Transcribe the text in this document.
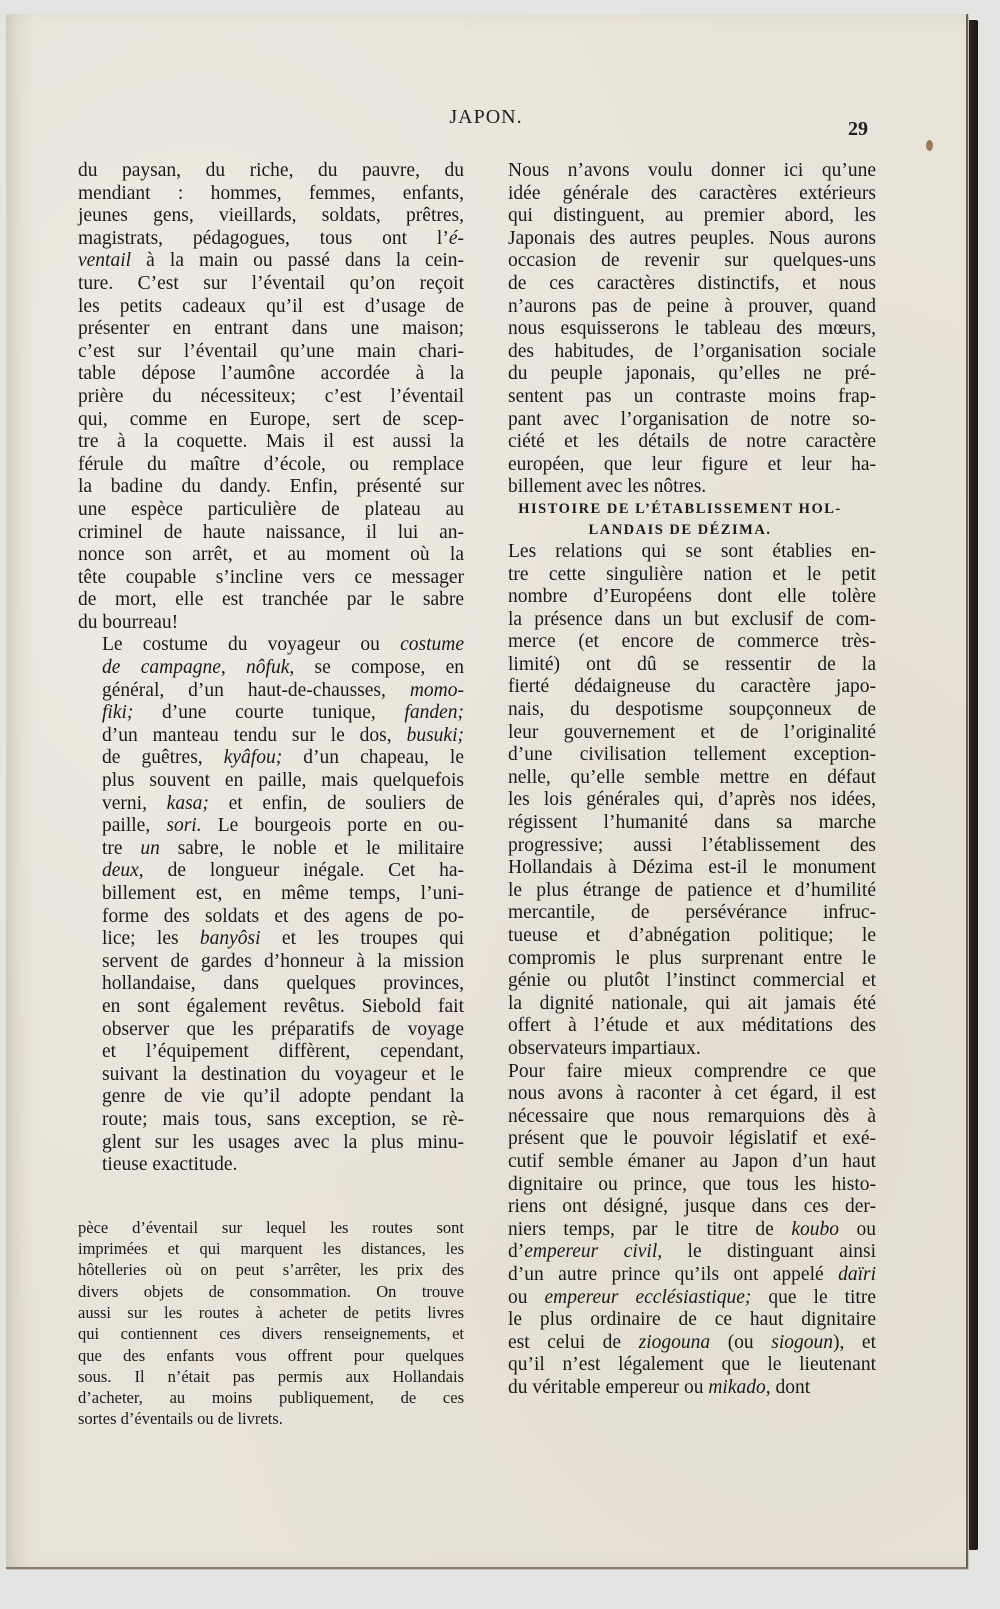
JAPON.
29

du paysan, du riche, du pauvre, du
mendiant : hommes, femmes, enfants,
jeunes gens, vieillards, soldats, prêtres,
magistrats, pédagogues, tous ont l’é-
ventail à la main ou passé dans la cein-
ture. C’est sur l’éventail qu’on reçoit
les petits cadeaux qu’il est d’usage de
présenter en entrant dans une maison;
c’est sur l’éventail qu’une main chari-
table dépose l’aumône accordée à la
prière du nécessiteux; c’est l’éventail
qui, comme en Europe, sert de scep-
tre à la coquette. Mais il est aussi la
férule du maître d’école, ou remplace
la badine du dandy. Enfin, présenté sur
une espèce particulière de plateau au
criminel de haute naissance, il lui an-
nonce son arrêt, et au moment où la
tête coupable s’incline vers ce messager
de mort, elle est tranchée par le sabre
du bourreau!

Le costume du voyageur ou costume
de campagne, nôfuk, se compose, en
général, d’un haut-de-chausses, momo-
fiki; d’une courte tunique, fanden;
d’un manteau tendu sur le dos, busuki;
de guêtres, kyâfou; d’un chapeau, le
plus souvent en paille, mais quelquefois
verni, kasa; et enfin, de souliers de
paille, sori. Le bourgeois porte en ou-
tre un sabre, le noble et le militaire
deux, de longueur inégale. Cet ha-
billement est, en même temps, l’uni-
forme des soldats et des agens de po-
lice; les banyôsi et les troupes qui
servent de gardes d’honneur à la mission
hollandaise, dans quelques provinces,
en sont également revêtus. Siebold fait
observer que les préparatifs de voyage
et l’équipement diffèrent, cependant,
suivant la destination du voyageur et le
genre de vie qu’il adopte pendant la
route; mais tous, sans exception, se rè-
glent sur les usages avec la plus minu-
tieuse exactitude.

pèce d’éventail sur lequel les routes sont
imprimées et qui marquent les distances, les
hôtelleries où on peut s’arrêter, les prix des
divers objets de consommation. On trouve
aussi sur les routes à acheter de petits livres
qui contiennent ces divers renseignements, et
que des enfants vous offrent pour quelques
sous. Il n’était pas permis aux Hollandais
d’acheter, au moins publiquement, de ces
sortes d’éventails ou de livrets.

Nous n’avons voulu donner ici qu’une
idée générale des caractères extérieurs
qui distinguent, au premier abord, les
Japonais des autres peuples. Nous aurons
occasion de revenir sur quelques-uns
de ces caractères distinctifs, et nous
n’aurons pas de peine à prouver, quand
nous esquisserons le tableau des mœurs,
des habitudes, de l’organisation sociale
du peuple japonais, qu’elles ne pré-
sentent pas un contraste moins frap-
pant avec l’organisation de notre so-
ciété et les détails de notre caractère
européen, que leur figure et leur ha-
billement avec les nôtres.

HISTOIRE DE L’ÉTABLISSEMENT HOL-
LANDAIS DE DÉZIMA.

Les relations qui se sont établies en-
tre cette singulière nation et le petit
nombre d’Européens dont elle tolère
la présence dans un but exclusif de com-
merce (et encore de commerce très-
limité) ont dû se ressentir de la
fierté dédaigneuse du caractère japo-
nais, du despotisme soupçonneux de
leur gouvernement et de l’originalité
d’une civilisation tellement exception-
nelle, qu’elle semble mettre en défaut
les lois générales qui, d’après nos idées,
régissent l’humanité dans sa marche
progressive; aussi l’établissement des
Hollandais à Dézima est-il le monument
le plus étrange de patience et d’humilité
mercantile, de persévérance infruc-
tueuse et d’abnégation politique; le
compromis le plus surprenant entre le
génie ou plutôt l’instinct commercial et
la dignité nationale, qui ait jamais été
offert à l’étude et aux méditations des
observateurs impartiaux.

Pour faire mieux comprendre ce que
nous avons à raconter à cet égard, il est
nécessaire que nous remarquions dès à
présent que le pouvoir législatif et exé-
cutif semble émaner au Japon d’un haut
dignitaire ou prince, que tous les histo-
riens ont désigné, jusque dans ces der-
niers temps, par le titre de koubo ou
d’empereur civil, le distinguant ainsi
d’un autre prince qu’ils ont appelé daïri
ou empereur ecclésiastique; que le titre
le plus ordinaire de ce haut dignitaire
est celui de ziogouna (ou siogoun), et
qu’il n’est légalement que le lieutenant
du véritable empereur ou mikado, dont
